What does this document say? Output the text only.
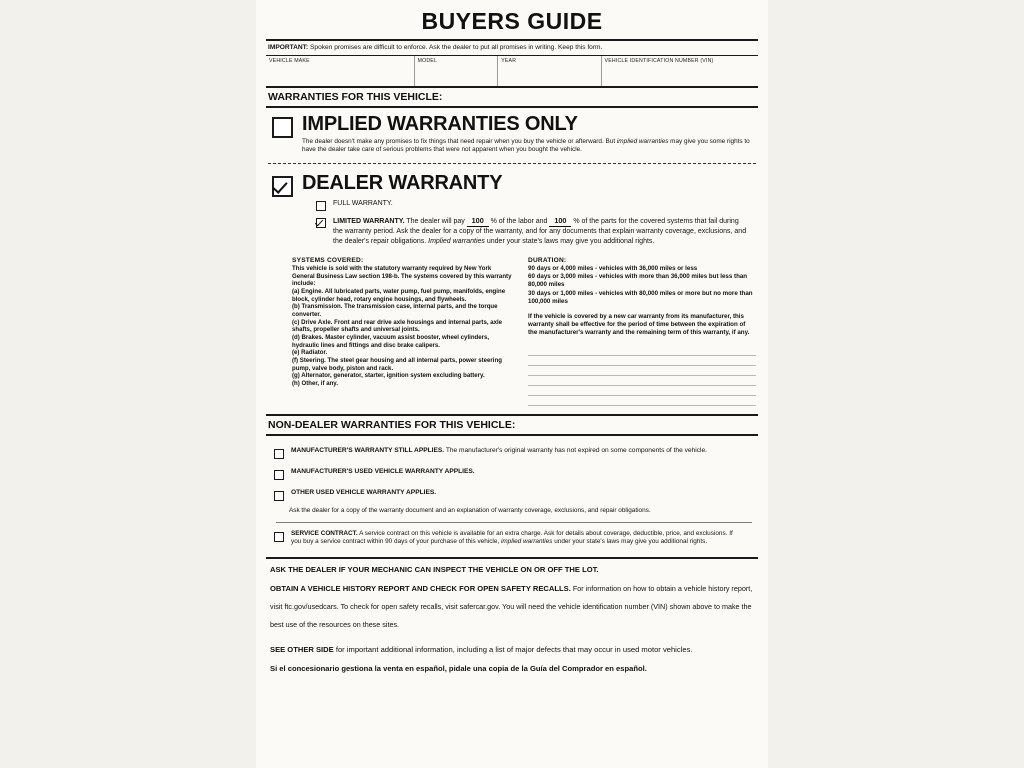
BUYERS GUIDE
IMPORTANT: Spoken promises are difficult to enforce. Ask the dealer to put all promises in writing. Keep this form.
VEHICLE MAKE	MODEL	YEAR	VEHICLE IDENTIFICATION NUMBER (VIN)
WARRANTIES FOR THIS VEHICLE:
IMPLIED WARRANTIES ONLY
The dealer doesn't make any promises to fix things that need repair when you buy the vehicle or afterward. But implied warranties may give you some rights to have the dealer take care of serious problems that were not apparent when you bought the vehicle.
DEALER WARRANTY
FULL WARRANTY.
LIMITED WARRANTY. The dealer will pay 100 % of the labor and 100 % of the parts for the covered systems that fail during the warranty period. Ask the dealer for a copy of the warranty, and for any documents that explain warranty coverage, exclusions, and the dealer's repair obligations. Implied warranties under your state's laws may give you additional rights.
SYSTEMS COVERED:
This vehicle is sold with the statutory warranty required by New York General Business Law section 198-b. The systems covered by this warranty include:
(a) Engine. All lubricated parts, water pump, fuel pump, manifolds, engine block, cylinder head, rotary engine housings, and flywheels.
(b) Transmission. The transmission case, internal parts, and the torque converter.
(c) Drive Axle. Front and rear drive axle housings and internal parts, axle shafts, propeller shafts and universal joints.
(d) Brakes. Master cylinder, vacuum assist booster, wheel cylinders, hydraulic lines and fittings and disc brake calipers.
(e) Radiator.
(f) Steering. The steel gear housing and all internal parts, power steering pump, valve body, piston and rack.
(g) Alternator, generator, starter, ignition system excluding battery.
(h) Other, if any.
DURATION:
90 days or 4,000 miles - vehicles with 36,000 miles or less
60 days or 3,000 miles - vehicles with more than 36,000 miles but less than 80,000 miles
30 days or 1,000 miles - vehicles with 80,000 miles or more but no more than 100,000 miles
If the vehicle is covered by a new car warranty from its manufacturer, this warranty shall be effective for the period of time between the expiration of the manufacturer's warranty and the remaining term of this warranty, if any.
NON-DEALER WARRANTIES FOR THIS VEHICLE:
MANUFACTURER'S WARRANTY STILL APPLIES. The manufacturer's original warranty has not expired on some components of the vehicle.
MANUFACTURER'S USED VEHICLE WARRANTY APPLIES.
OTHER USED VEHICLE WARRANTY APPLIES.
Ask the dealer for a copy of the warranty document and an explanation of warranty coverage, exclusions, and repair obligations.
SERVICE CONTRACT. A service contract on this vehicle is available for an extra charge. Ask for details about coverage, deductible, price, and exclusions. If you buy a service contract within 90 days of your purchase of this vehicle, implied warranties under your state's laws may give you additional rights.
ASK THE DEALER IF YOUR MECHANIC CAN INSPECT THE VEHICLE ON OR OFF THE LOT.
OBTAIN A VEHICLE HISTORY REPORT AND CHECK FOR OPEN SAFETY RECALLS. For information on how to obtain a vehicle history report, visit ftc.gov/usedcars. To check for open safety recalls, visit safercar.gov. You will need the vehicle identification number (VIN) shown above to make the best use of the resources on these sites.
SEE OTHER SIDE for important additional information, including a list of major defects that may occur in used motor vehicles.
Si el concesionario gestiona la venta en español, pidale una copia de la Guía del Comprador en español.
